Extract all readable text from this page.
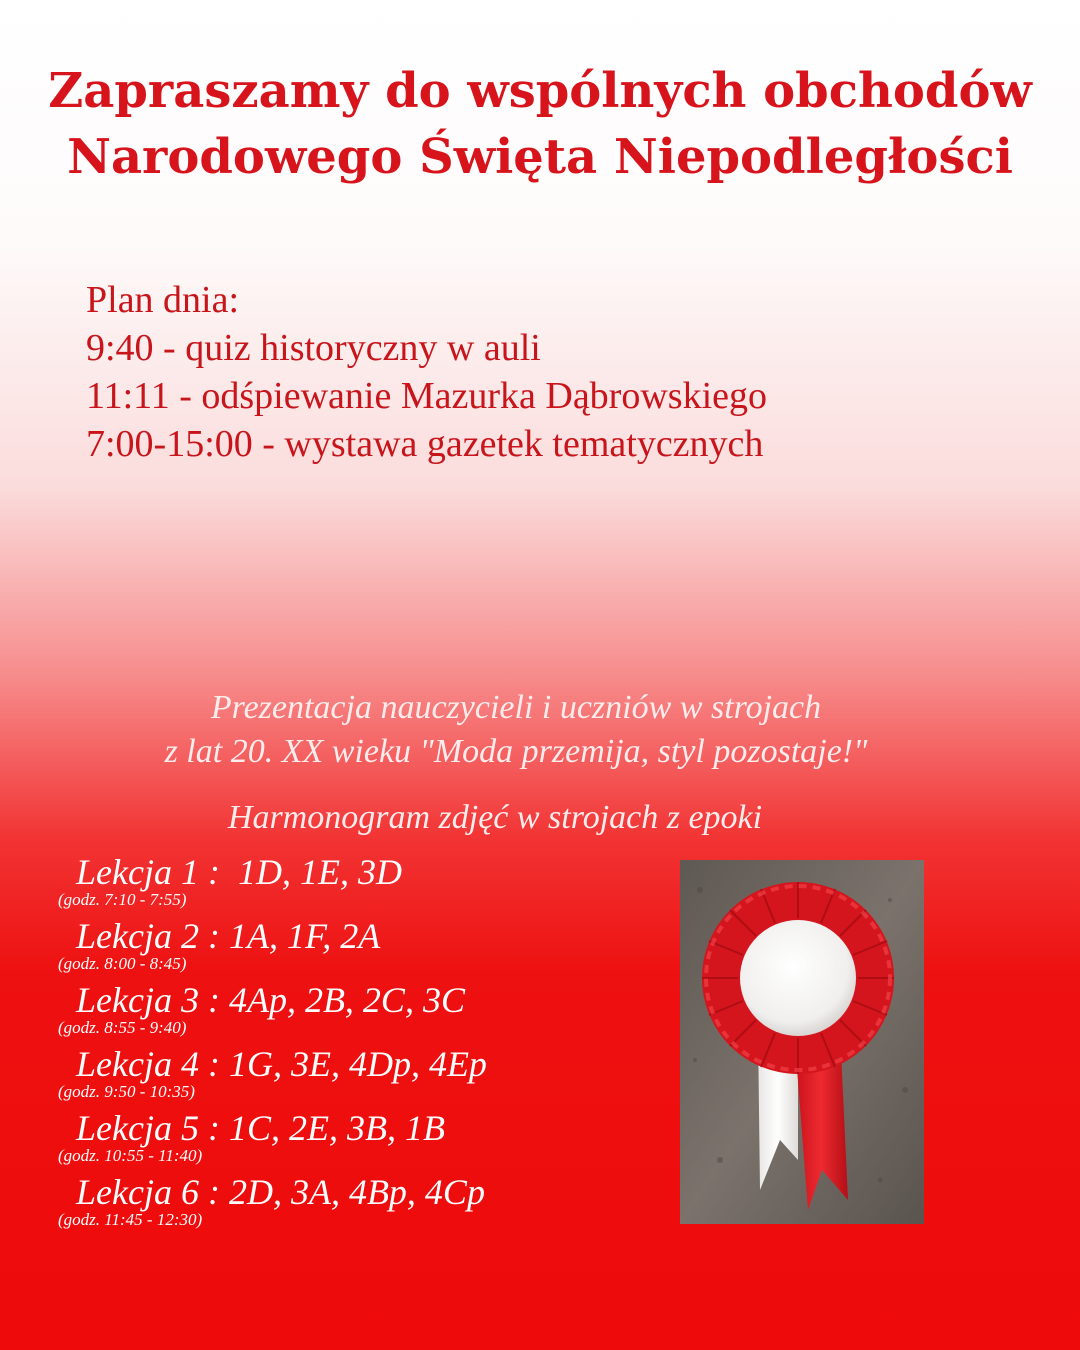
Zapraszamy do wspólnych obchodów
Narodowego Święta Niepodległości
Plan dnia:
9:40 - quiz historyczny w auli
11:11 - odśpiewanie Mazurka Dąbrowskiego
7:00-15:00 - wystawa gazetek tematycznych
Prezentacja nauczycieli i uczniów w strojach
z lat 20. XX wieku "Moda przemija, styl pozostaje!"
Harmonogram zdjęć w strojach z epoki
Lekcja 1 : 1D, 1E, 3D
(godz. 7:10 - 7:55)
Lekcja 2 : 1A, 1F, 2A
(godz. 8:00 - 8:45)
Lekcja 3 : 4Ap, 2B, 2C, 3C
(godz. 8:55 - 9:40)
Lekcja 4 : 1G, 3E, 4Dp, 4Ep
(godz. 9:50 - 10:35)
Lekcja 5 : 1C, 2E, 3B, 1B
(godz. 10:55 - 11:40)
Lekcja 6 : 2D, 3A, 4Bp, 4Cp
(godz. 11:45 - 12:30)
